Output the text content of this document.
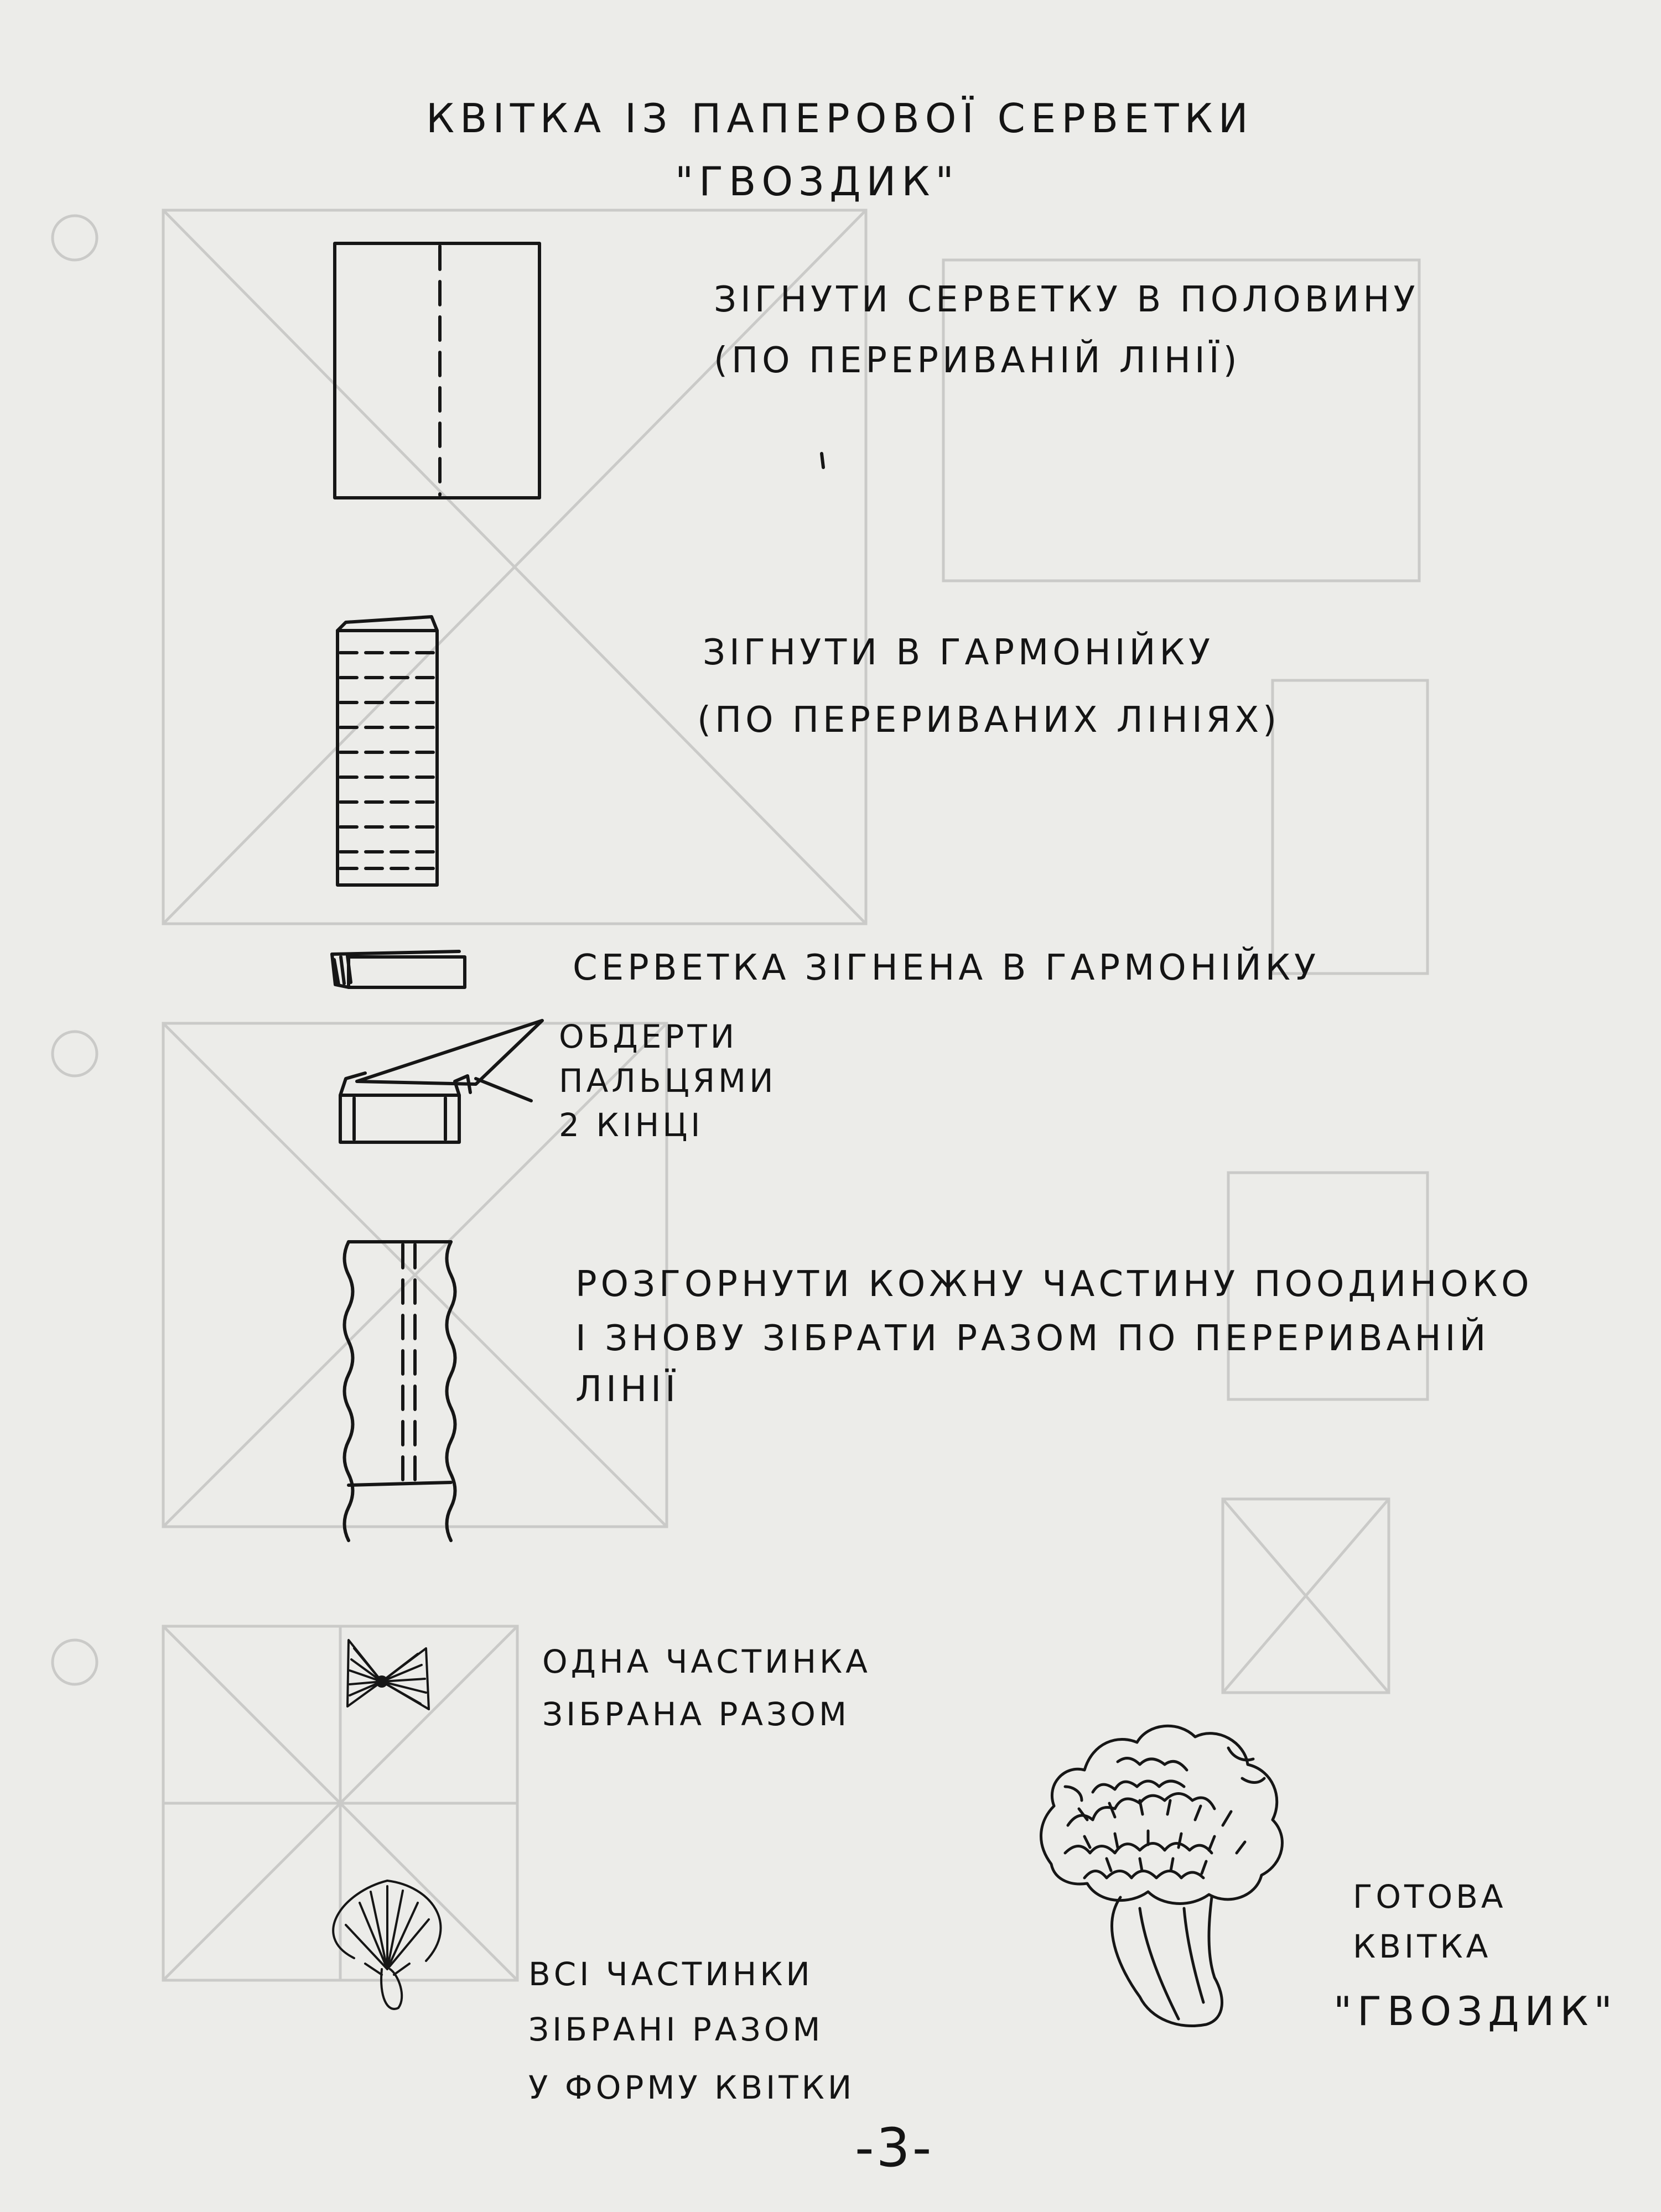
КВІТКА ІЗ ПАПЕРОВОЇ СЕРВЕТКИ
"ГВОЗДИК"
ЗІГНУТИ СЕРВЕТКУ В ПОЛОВИНУ
(ПО ПЕРЕРИВАНІЙ ЛІНІЇ)
ЗІГНУТИ В ГАРМОНІЙКУ
(ПО ПЕРЕРИВАНИХ ЛІНІЯХ)
СЕРВЕТКА ЗІГНЕНА В ГАРМОНІЙКУ
ОБДЕРТИ
ПАЛЬЦЯМИ
2 КІНЦІ
РОЗГОРНУТИ КОЖНУ ЧАСТИНУ ПООДИНОКО
І ЗНОВУ ЗІБРАТИ РАЗОМ ПО ПЕРЕРИВАНІЙ
ЛІНІЇ
ОДНА ЧАСТИНКА
ЗІБРАНА РАЗОМ
ВСІ ЧАСТИНКИ
ЗІБРАНІ РАЗОМ
У ФОРМУ КВІТКИ
ГОТОВА
КВІТКА
"ГВОЗДИК"
-3-
